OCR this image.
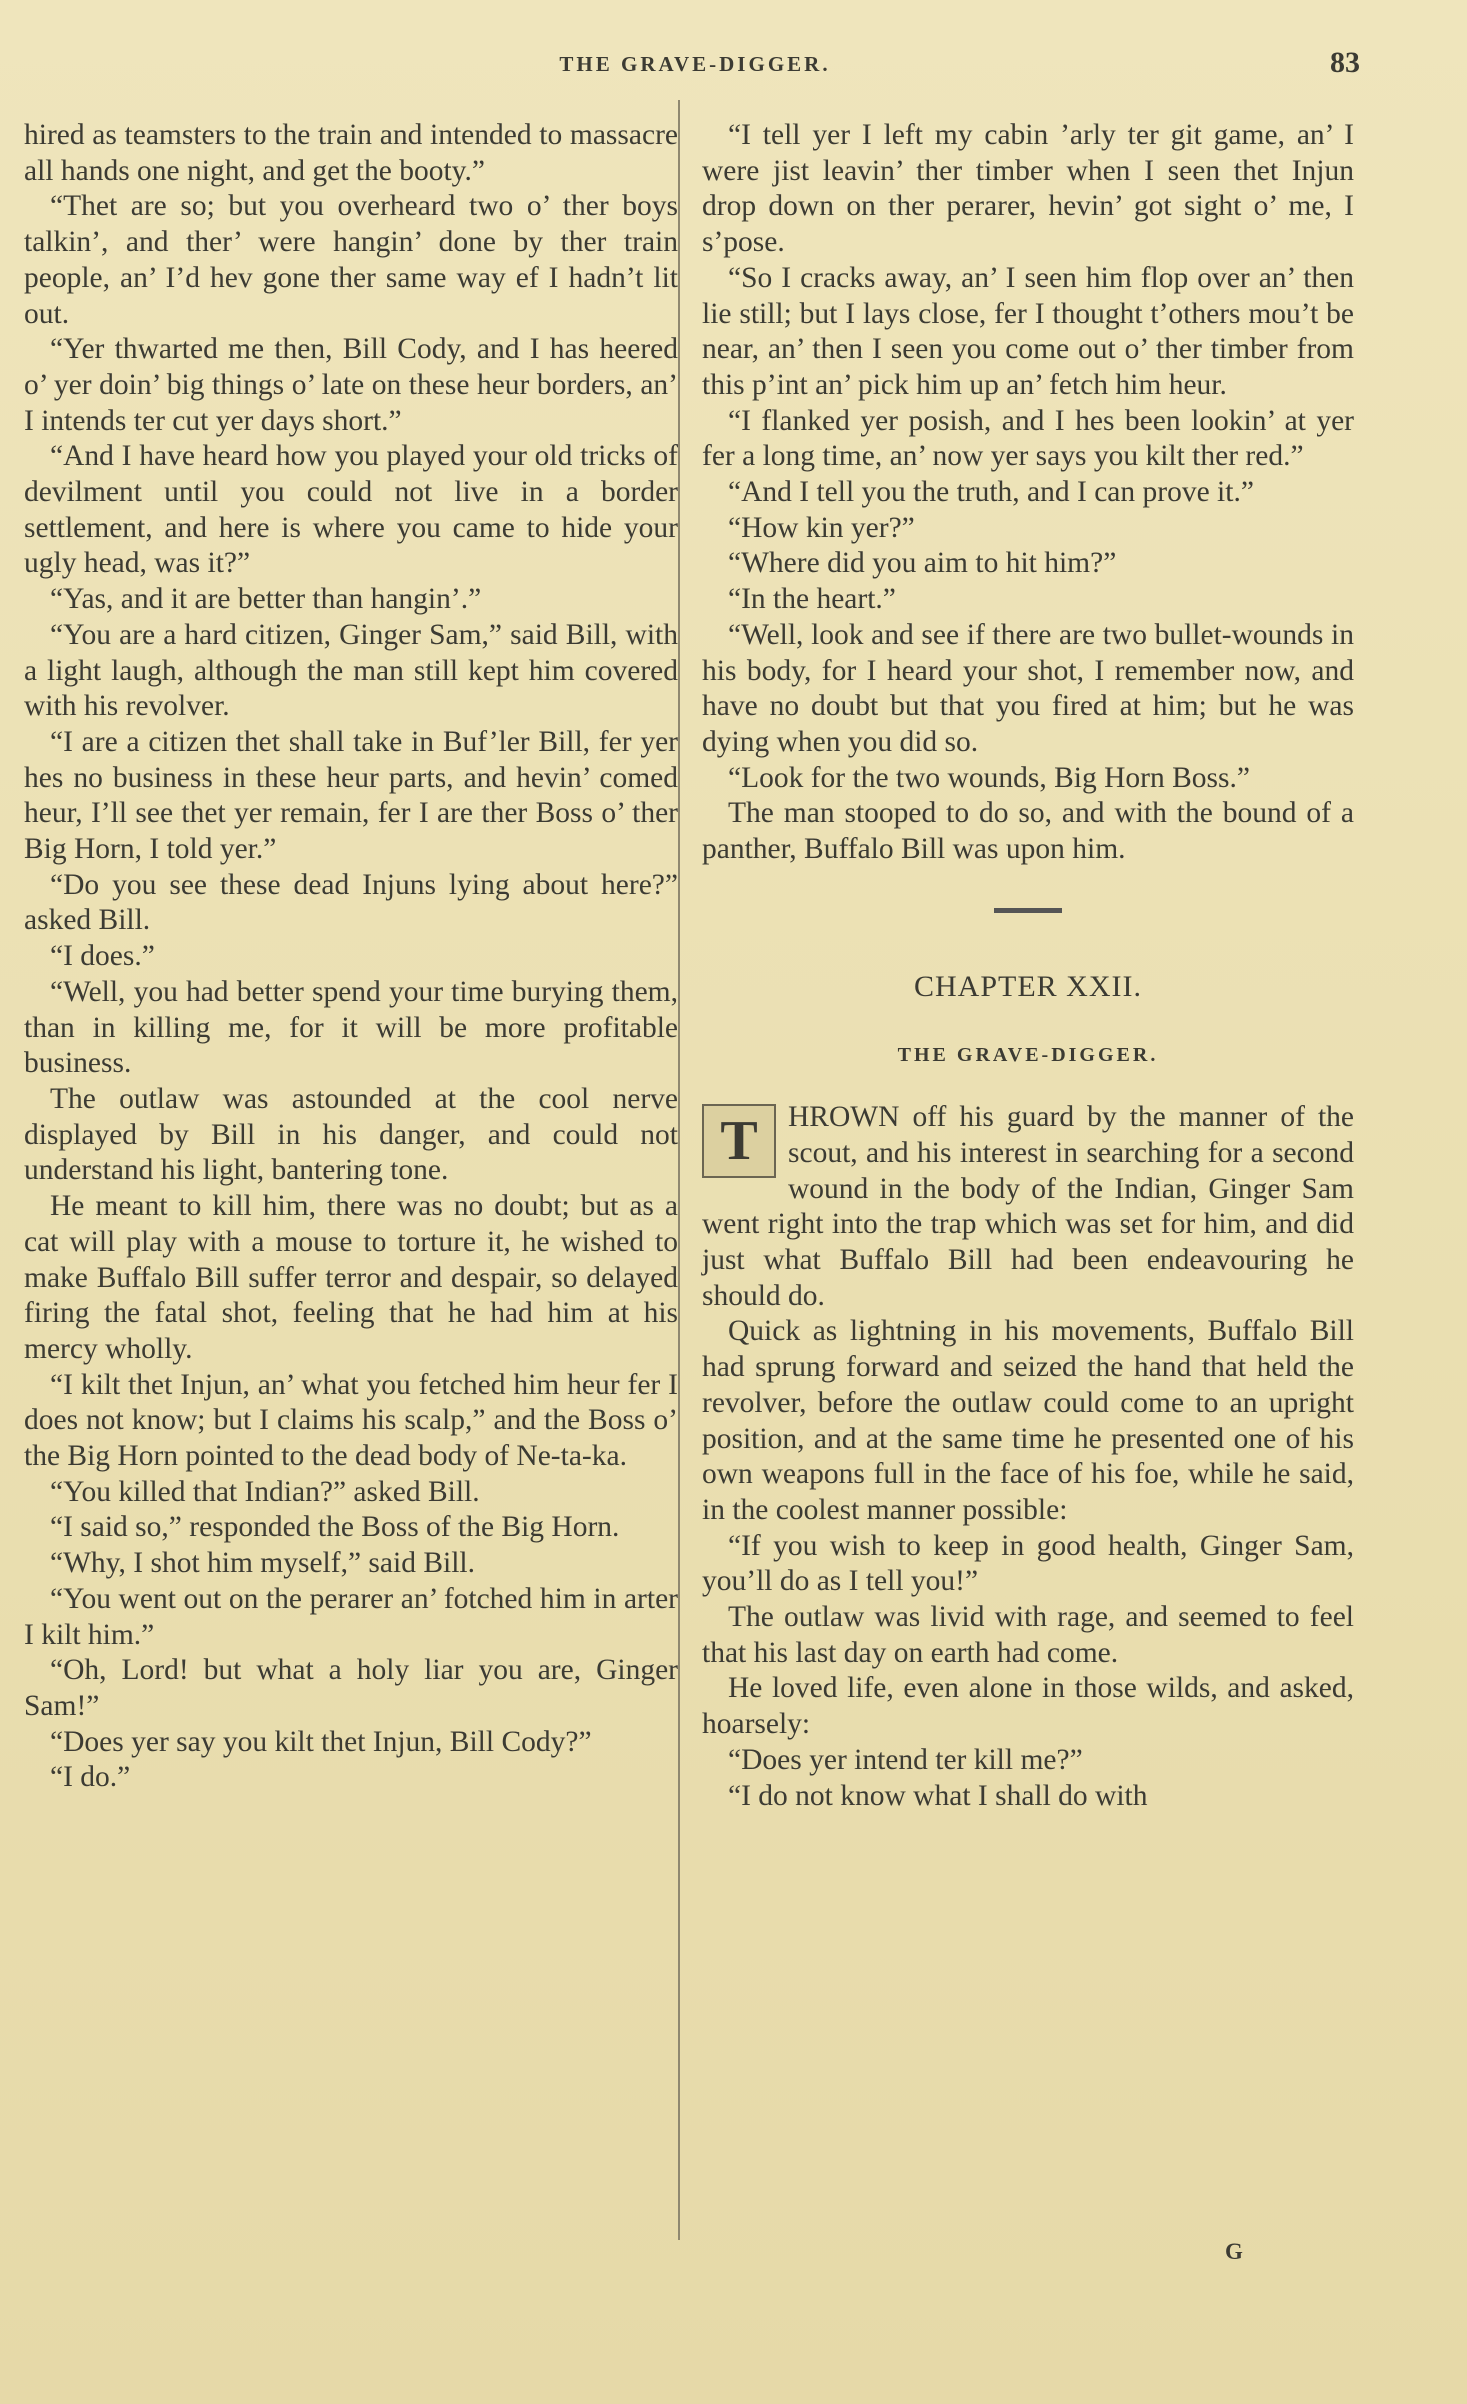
THE GRAVE-DIGGER.	83

hired as teamsters to the train and intended to massacre all hands one night, and get the booty.”

“Thet are so; but you overheard two o’ ther boys talkin’, and ther’ were hangin’ done by ther train people, an’ I’d hev gone ther same way ef I hadn’t lit out.

“Yer thwarted me then, Bill Cody, and I has heered o’ yer doin’ big things o’ late on these heur borders, an’ I intends ter cut yer days short.”

“And I have heard how you played your old tricks of devilment until you could not live in a border settlement, and here is where you came to hide your ugly head, was it?”

“Yas, and it are better than hangin’.”

“You are a hard citizen, Ginger Sam,” said Bill, with a light laugh, although the man still kept him covered with his revolver.

“I are a citizen thet shall take in Buf’ler Bill, fer yer hes no business in these heur parts, and hevin’ comed heur, I’ll see thet yer remain, fer I are ther Boss o’ ther Big Horn, I told yer.”

“Do you see these dead Injuns lying about here?” asked Bill.

“I does.”

“Well, you had better spend your time burying them, than in killing me, for it will be more profitable business.

The outlaw was astounded at the cool nerve displayed by Bill in his danger, and could not understand his light, bantering tone.

He meant to kill him, there was no doubt; but as a cat will play with a mouse to torture it, he wished to make Buffalo Bill suffer terror and despair, so delayed firing the fatal shot, feeling that he had him at his mercy wholly.

“I kilt thet Injun, an’ what you fetched him heur fer I does not know; but I claims his scalp,” and the Boss o’ the Big Horn pointed to the dead body of Ne-ta-ka.

“You killed that Indian?” asked Bill.

“I said so,” responded the Boss of the Big Horn.

“Why, I shot him myself,” said Bill.

“You went out on the perarer an’ fotched him in arter I kilt him.”

“Oh, Lord! but what a holy liar you are, Ginger Sam!”

“Does yer say you kilt thet Injun, Bill Cody?”

“I do.”

“I tell yer I left my cabin ’arly ter git game, an’ I were jist leavin’ ther timber when I seen thet Injun drop down on ther perarer, hevin’ got sight o’ me, I s’pose.

“So I cracks away, an’ I seen him flop over an’ then lie still; but I lays close, fer I thought t’others mou’t be near, an’ then I seen you come out o’ ther timber from this p’int an’ pick him up an’ fetch him heur.

“I flanked yer posish, and I hes been lookin’ at yer fer a long time, an’ now yer says you kilt ther red.”

“And I tell you the truth, and I can prove it.”

“How kin yer?”

“Where did you aim to hit him?”

“In the heart.”

“Well, look and see if there are two bullet-wounds in his body, for I heard your shot, I remember now, and have no doubt but that you fired at him; but he was dying when you did so.

“Look for the two wounds, Big Horn Boss.”

The man stooped to do so, and with the bound of a panther, Buffalo Bill was upon him.

CHAPTER XXII.
THE GRAVE-DIGGER.

T	HROWN off his guard by the manner of the scout, and his interest in searching for a second wound in the body of the Indian, Ginger Sam went right into the trap which was set for him, and did just what Buffalo Bill had been endeavouring he should do.

Quick as lightning in his movements, Buffalo Bill had sprung forward and seized the hand that held the revolver, before the outlaw could come to an upright position, and at the same time he presented one of his own weapons full in the face of his foe, while he said, in the coolest manner possible:

“If you wish to keep in good health, Ginger Sam, you’ll do as I tell you!”

The outlaw was livid with rage, and seemed to feel that his last day on earth had come.

He loved life, even alone in those wilds, and asked, hoarsely:

“Does yer intend ter kill me?”

“I do not know what I shall do with

G
